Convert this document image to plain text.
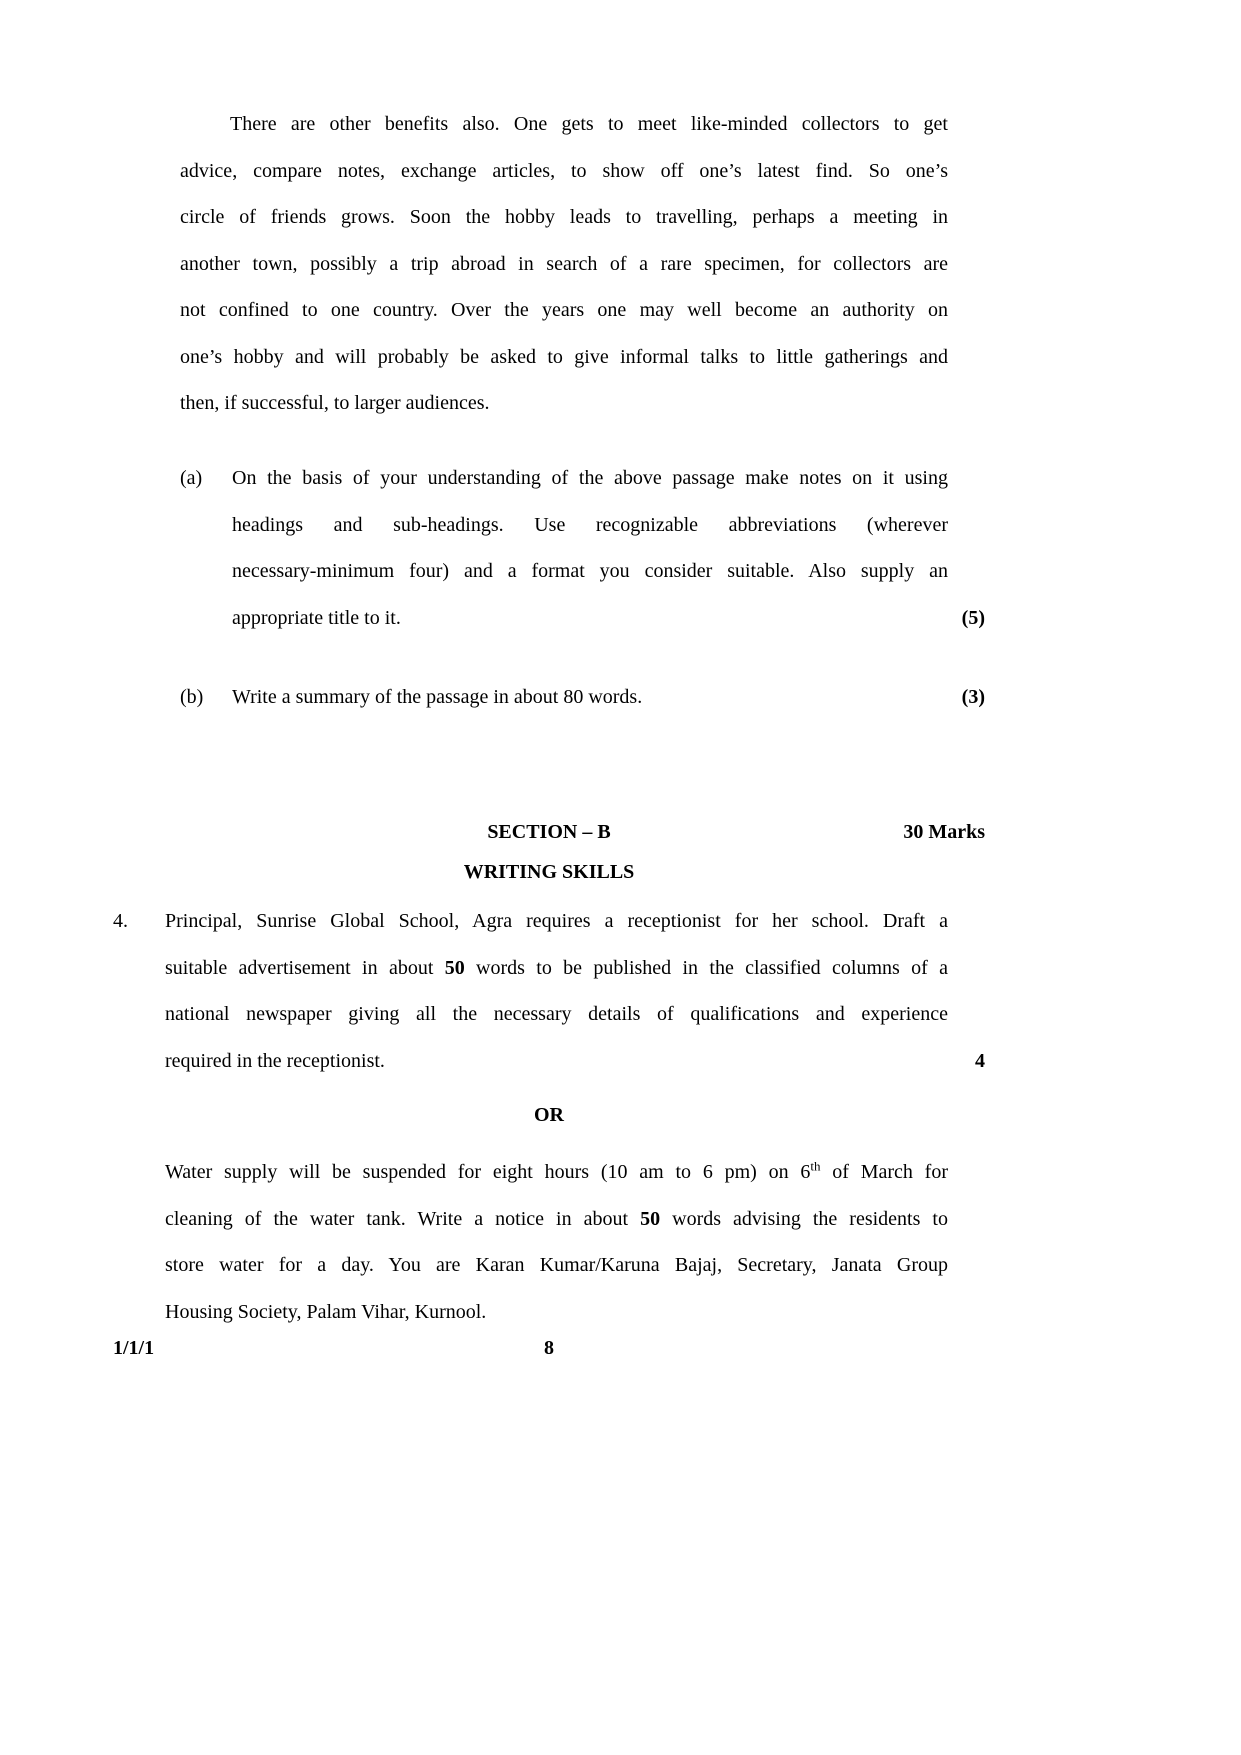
There are other benefits also. One gets to meet like-minded collectors to get
advice, compare notes, exchange articles, to show off one’s latest find. So one’s
circle of friends grows. Soon the hobby leads to travelling, perhaps a meeting in
another town, possibly a trip abroad in search of a rare specimen, for collectors are
not confined to one country. Over the years one may well become an authority on
one’s hobby and will probably be asked to give informal talks to little gatherings and
then, if successful, to larger audiences.
(a) On the basis of your understanding of the above passage make notes on it using
headings and sub-headings. Use recognizable abbreviations (wherever
necessary-minimum four) and a format you consider suitable. Also supply an
appropriate title to it.	(5)
(b) Write a summary of the passage in about 80 words.	(3)
SECTION – B	30 Marks
WRITING SKILLS
4. Principal, Sunrise Global School, Agra requires a receptionist for her school. Draft a
suitable advertisement in about 50 words to be published in the classified columns of a
national newspaper giving all the necessary details of qualifications and experience
required in the receptionist.	4
OR
Water supply will be suspended for eight hours (10 am to 6 pm) on 6th of March for
cleaning of the water tank. Write a notice in about 50 words advising the residents to
store water for a day. You are Karan Kumar/Karuna Bajaj, Secretary, Janata Group
Housing Society, Palam Vihar, Kurnool.
8
1/1/1
